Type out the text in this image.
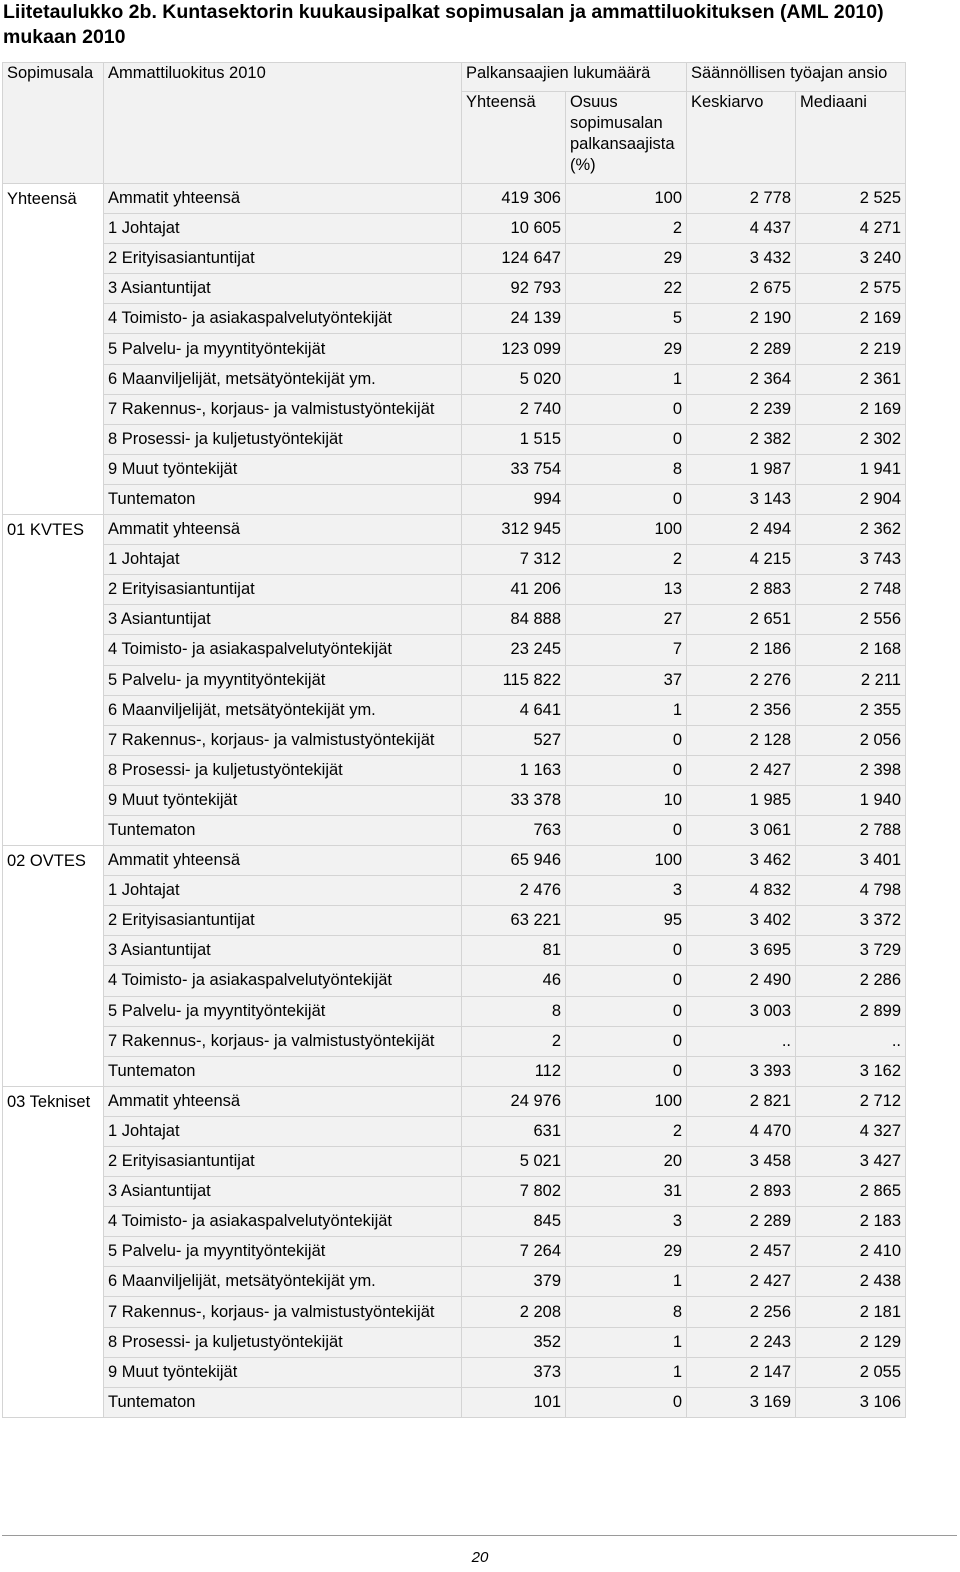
Liitetaulukko 2b. Kuntasektorin kuukausipalkat sopimusalan ja ammattiluokituksen (AML 2010) mukaan 2010
Sopimusala	Ammattiluokitus 2010	Palkansaajien lukumäärä		Säännöllisen työajan ansio	
		Yhteensä	Osuus sopimusalan palkansaajista (%)	Keskiarvo	Mediaani
Yhteensä	Ammatit yhteensä	419 306	100	2 778	2 525
	1 Johtajat	10 605	2	4 437	4 271
	2 Erityisasiantuntijat	124 647	29	3 432	3 240
	3 Asiantuntijat	92 793	22	2 675	2 575
	4 Toimisto- ja asiakaspalvelutyöntekijät	24 139	5	2 190	2 169
	5 Palvelu- ja myyntityöntekijät	123 099	29	2 289	2 219
	6 Maanviljelijät, metsätyöntekijät ym.	5 020	1	2 364	2 361
	7 Rakennus-, korjaus- ja valmistustyöntekijät	2 740	0	2 239	2 169
	8 Prosessi- ja kuljetustyöntekijät	1 515	0	2 382	2 302
	9 Muut työntekijät	33 754	8	1 987	1 941
	Tuntematon	994	0	3 143	2 904
01 KVTES	Ammatit yhteensä	312 945	100	2 494	2 362
	1 Johtajat	7 312	2	4 215	3 743
	2 Erityisasiantuntijat	41 206	13	2 883	2 748
	3 Asiantuntijat	84 888	27	2 651	2 556
	4 Toimisto- ja asiakaspalvelutyöntekijät	23 245	7	2 186	2 168
	5 Palvelu- ja myyntityöntekijät	115 822	37	2 276	2 211
	6 Maanviljelijät, metsätyöntekijät ym.	4 641	1	2 356	2 355
	7 Rakennus-, korjaus- ja valmistustyöntekijät	527	0	2 128	2 056
	8 Prosessi- ja kuljetustyöntekijät	1 163	0	2 427	2 398
	9 Muut työntekijät	33 378	10	1 985	1 940
	Tuntematon	763	0	3 061	2 788
02 OVTES	Ammatit yhteensä	65 946	100	3 462	3 401
	1 Johtajat	2 476	3	4 832	4 798
	2 Erityisasiantuntijat	63 221	95	3 402	3 372
	3 Asiantuntijat	81	0	3 695	3 729
	4 Toimisto- ja asiakaspalvelutyöntekijät	46	0	2 490	2 286
	5 Palvelu- ja myyntityöntekijät	8	0	3 003	2 899
	7 Rakennus-, korjaus- ja valmistustyöntekijät	2	0	..	..
	Tuntematon	112	0	3 393	3 162
03 Tekniset	Ammatit yhteensä	24 976	100	2 821	2 712
	1 Johtajat	631	2	4 470	4 327
	2 Erityisasiantuntijat	5 021	20	3 458	3 427
	3 Asiantuntijat	7 802	31	2 893	2 865
	4 Toimisto- ja asiakaspalvelutyöntekijät	845	3	2 289	2 183
	5 Palvelu- ja myyntityöntekijät	7 264	29	2 457	2 410
	6 Maanviljelijät, metsätyöntekijät ym.	379	1	2 427	2 438
	7 Rakennus-, korjaus- ja valmistustyöntekijät	2 208	8	2 256	2 181
	8 Prosessi- ja kuljetustyöntekijät	352	1	2 243	2 129
	9 Muut työntekijät	373	1	2 147	2 055
	Tuntematon	101	0	3 169	3 106
20
